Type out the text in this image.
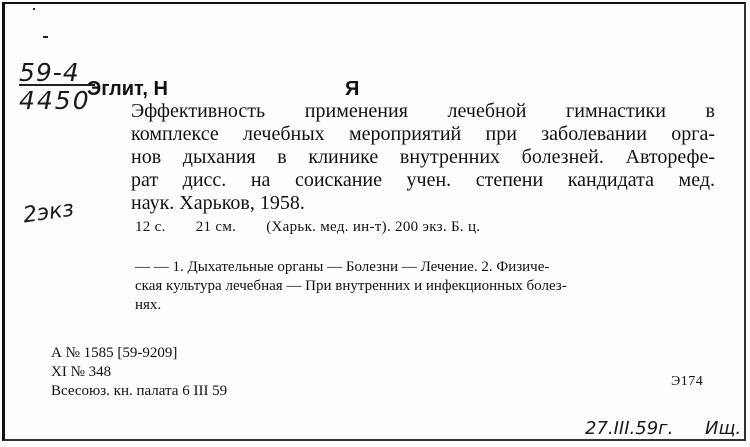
59-4
4450
Эглит, Н	Я
Эффективность применения лечебной гимнастики в
комплексе лечебных мероприятий при заболевании орга-
нов дыхания в клинике внутренних болезней. Авторефе-
рат дисс. на соискание учен. степени кандидата мед.
наук. Харьков, 1958.
2экз	12 с. 21 см. (Харьк. мед. ин-т). 200 экз. Б. ц.
— — 1. Дыхательные органы — Болезни — Лечение. 2. Физиче-
ская культура лечебная — При внутренних и инфекционных болез-
нях.
А № 1585 [59-9209]
XI № 348
Всесоюз. кн. палата 6 III 59
Э174
27.III.59г. Ищ.
